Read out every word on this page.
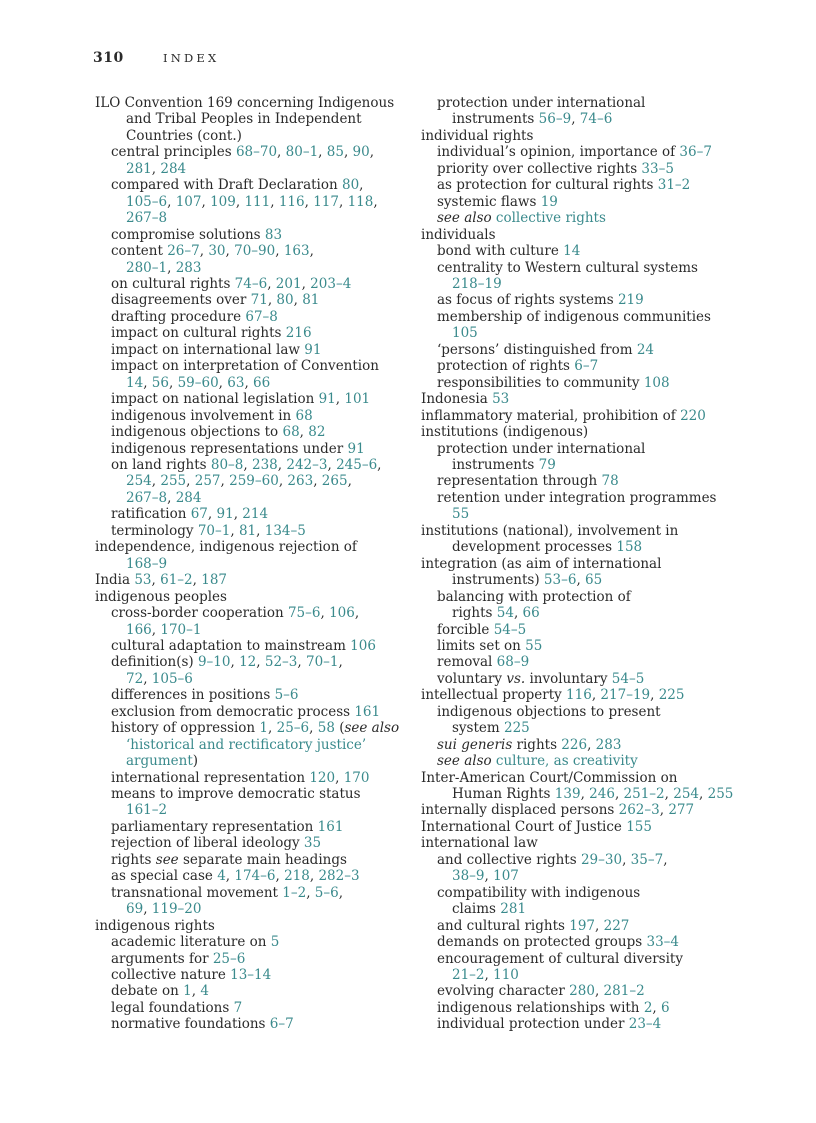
310	INDEX
ILO Convention 169 concerning Indigenous
and Tribal Peoples in Independent
Countries (cont.)
central principles 68–70, 80–1, 85, 90,
281, 284
compared with Draft Declaration 80,
105–6, 107, 109, 111, 116, 117, 118,
267–8
compromise solutions 83
content 26–7, 30, 70–90, 163,
280–1, 283
on cultural rights 74–6, 201, 203–4
disagreements over 71, 80, 81
drafting procedure 67–8
impact on cultural rights 216
impact on international law 91
impact on interpretation of Convention
14, 56, 59–60, 63, 66
impact on national legislation 91, 101
indigenous involvement in 68
indigenous objections to 68, 82
indigenous representations under 91
on land rights 80–8, 238, 242–3, 245–6,
254, 255, 257, 259–60, 263, 265,
267–8, 284
ratification 67, 91, 214
terminology 70–1, 81, 134–5
independence, indigenous rejection of
168–9
India 53, 61–2, 187
indigenous peoples
cross-border cooperation 75–6, 106,
166, 170–1
cultural adaptation to mainstream 106
definition(s) 9–10, 12, 52–3, 70–1,
72, 105–6
differences in positions 5–6
exclusion from democratic process 161
history of oppression 1, 25–6, 58 (see also
‘historical and rectificatory justice’
argument)
international representation 120, 170
means to improve democratic status
161–2
parliamentary representation 161
rejection of liberal ideology 35
rights see separate main headings
as special case 4, 174–6, 218, 282–3
transnational movement 1–2, 5–6,
69, 119–20
indigenous rights
academic literature on 5
arguments for 25–6
collective nature 13–14
debate on 1, 4
legal foundations 7
normative foundations 6–7
protection under international
instruments 56–9, 74–6
individual rights
individual’s opinion, importance of 36–7
priority over collective rights 33–5
as protection for cultural rights 31–2
systemic flaws 19
see also collective rights
individuals
bond with culture 14
centrality to Western cultural systems
218–19
as focus of rights systems 219
membership of indigenous communities
105
‘persons’ distinguished from 24
protection of rights 6–7
responsibilities to community 108
Indonesia 53
inflammatory material, prohibition of 220
institutions (indigenous)
protection under international
instruments 79
representation through 78
retention under integration programmes
55
institutions (national), involvement in
development processes 158
integration (as aim of international
instruments) 53–6, 65
balancing with protection of
rights 54, 66
forcible 54–5
limits set on 55
removal 68–9
voluntary vs. involuntary 54–5
intellectual property 116, 217–19, 225
indigenous objections to present
system 225
sui generis rights 226, 283
see also culture, as creativity
Inter-American Court/Commission on
Human Rights 139, 246, 251–2, 254, 255
internally displaced persons 262–3, 277
International Court of Justice 155
international law
and collective rights 29–30, 35–7,
38–9, 107
compatibility with indigenous
claims 281
and cultural rights 197, 227
demands on protected groups 33–4
encouragement of cultural diversity
21–2, 110
evolving character 280, 281–2
indigenous relationships with 2, 6
individual protection under 23–4
